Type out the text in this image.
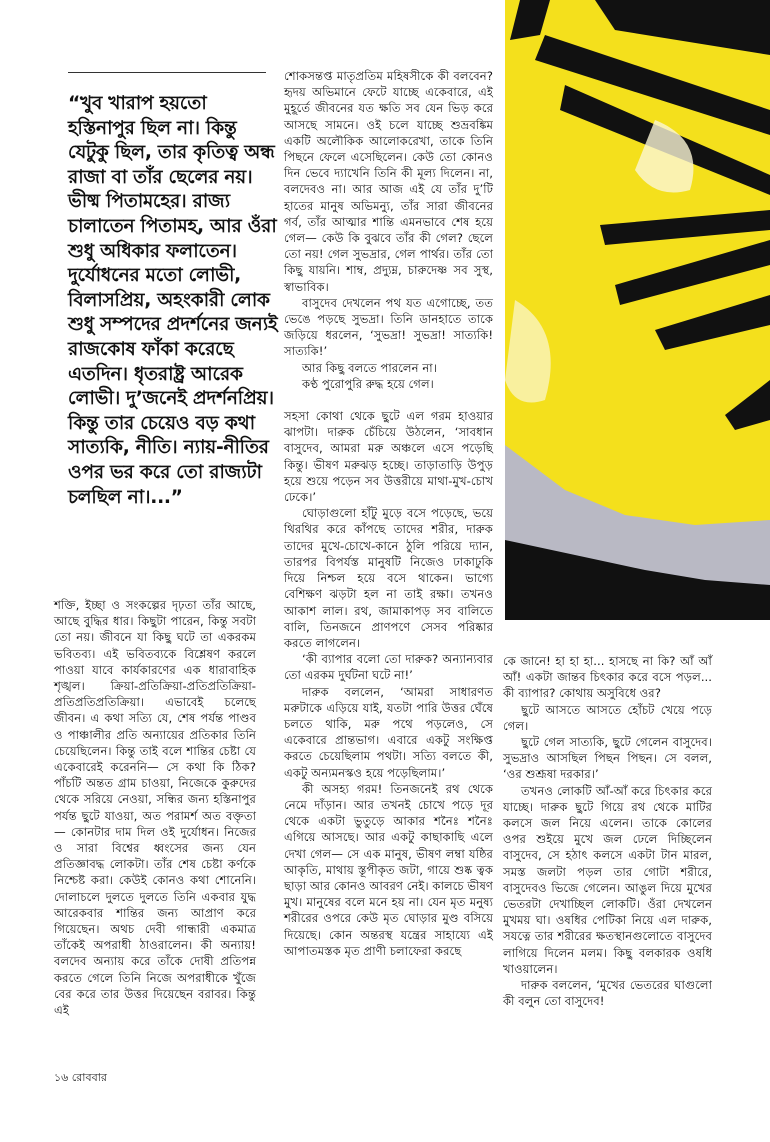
“খুব খারাপ হয়তো হস্তিনাপুর ছিল না। কিন্তু যেটুকু ছিল, তার কৃতিত্ব অন্ধ রাজা বা তাঁর ছেলের নয়। ভীষ্ম পিতামহের। রাজ্য চালাতেন পিতামহ, আর ওঁরা শুধু অধিকার ফলাতেন। দুর্যোধনের মতো লোভী, বিলাসপ্রিয়, অহংকারী লোক শুধু সম্পদের প্রদর্শনের জন্যই রাজকোষ ফাঁকা করেছে এতদিন। ধৃতরাষ্ট্র আরেক লোভী। দু’জনেই প্রদর্শনপ্রিয়। কিন্তু তার চেয়েও বড় কথা সাত্যকি, নীতি। ন্যায়-নীতির ওপর ভর করে তো রাজ্যটা চলছিল না।...”

শক্তি, ইচ্ছা ও সংকল্পের দৃঢ়তা তাঁর আছে, আছে বুদ্ধির ধার। কিছুটা পারেন, কিন্তু সবটা তো নয়। জীবনে যা কিছু ঘটে তা একরকম ভবিতব্য। এই ভবিতব্যকে বিশ্লেষণ করলে পাওয়া যাবে কার্যকারণের এক ধারাবাহিক শৃঙ্খল। ক্রিয়া-প্রতিক্রিয়া-প্রতিপ্রতিক্রিয়া-প্রতিপ্রতিপ্রতিক্রিয়া। এভাবেই চলেছে জীবন। এ কথা সত্যি যে, শেষ পর্যন্ত পাণ্ডব ও পাঞ্চালীর প্রতি অন্যায়ের প্রতিকার তিনি চেয়েছিলেন। কিন্তু তাই বলে শান্তির চেষ্টা যে একেবারেই করেননি— সে কথা কি ঠিক? পাঁচটি অন্তত গ্রাম চাওয়া, নিজেকে কুরুদের থেকে সরিয়ে নেওয়া, সন্ধির জন্য হস্তিনাপুর পর্যন্ত ছুটে যাওয়া, অত পরামর্শ অত বক্তৃতা— কোনটার দাম দিল ওই দুর্যোধন। নিজের ও সারা বিশ্বের ধ্বংসের জন্য যেন প্রতিজ্ঞাবদ্ধ লোকটা। তাঁর শেষ চেষ্টা কর্ণকে নিশ্চেষ্ট করা। কেউই কোনও কথা শোনেনি। দোলাচলে দুলতে দুলতে তিনি একবার যুদ্ধ আরেকবার শান্তির জন্য আপ্রাণ করে গিয়েছেন। অথচ দেবী গান্ধারী একমাত্র তাঁকেই অপরাধী ঠাওরালেন। কী অন্যায়! বলদেব অন্যায় করে তাঁকে দোষী প্রতিপন্ন করতে গেলে তিনি নিজে অপরাধীকে খুঁজে বের করে তার উত্তর দিয়েছেন বরাবর। কিন্তু এই

শোকসন্তপ্ত মাতৃপ্রতিম মহিষসীকে কী বলবেন? হৃদয় অভিমানে ফেটে যাচ্ছে একেবারে, এই মুহূর্তে জীবনের যত ক্ষতি সব যেন ভিড় করে আসছে সামনে। ওই চলে যাচ্ছে শুভ্রবঙ্কিম একটি অলৌকিক আলোকরেখা, তাকে তিনি পিছনে ফেলে এসেছিলেন। কেউ তো কোনও দিন ভেবে দ্যাখেনি তিনি কী মূল্য দিলেন। না, বলদেবও না। আর আজ এই যে তাঁর দু’টি হাতের মানুষ অভিমন্যু, তাঁর সারা জীবনের গর্ব, তাঁর আত্মার শান্তি এমনভাবে শেষ হয়ে গেল— কেউ কি বুঝবে তাঁর কী গেল? ছেলে তো নয়! গেল সুভদ্রার, গেল পার্থর। তাঁর তো কিছু যায়নি। শাম্ব, প্রদ্যুম্ন, চারুদেষ্ণ সব সুস্থ, স্বাভাবিক।

বাসুদেব দেখলেন পথ যত এগোচ্ছে, তত ভেঙে পড়ছে সুভদ্রা। তিনি ডানহাতে তাকে জড়িয়ে ধরলেন, ‘সুভদ্রা! সুভদ্রা! সাত্যকি! সাত্যকি!’

আর কিছু বলতে পারলেন না।

কণ্ঠ পুরোপুরি রুদ্ধ হয়ে গেল।

সহসা কোথা থেকে ছুটে এল গরম হাওয়ার ঝাপটা। দারুক চেঁচিয়ে উঠলেন, ‘সাবধান বাসুদেব, আমরা মরু অঞ্চলে এসে পড়েছি কিন্তু। ভীষণ মরুঝড় হচ্ছে। তাড়াতাড়ি উপুড় হয়ে শুয়ে পড়েন সব উত্তরীয়ে মাথা-মুখ-চোখ ঢেকে।’

ঘোড়াগুলো হাঁটু মুড়ে বসে পড়েছে, ভয়ে থিরথির করে কাঁপছে তাদের শরীর, দারুক তাদের মুখে-চোখে-কানে ঠুলি পরিয়ে দ্যান, তারপর বিপর্যস্ত মানুষটি নিজেও ঢাকাঢুকি দিয়ে নিশ্চল হয়ে বসে থাকেন। ভাগ্যে বেশিক্ষণ ঝড়টা হল না তাই রক্ষা। তখনও আকাশ লাল। রথ, জামাকাপড় সব বালিতে বালি, তিনজনে প্রাণপণে সেসব পরিষ্কার করতে লাগলেন।

‘কী ব্যাপার বলো তো দারুক? অন্যান্যবার তো এরকম দুর্ঘটনা ঘটে না!’

দারুক বললেন, ‘আমরা সাধারণত মরুটাকে এড়িয়ে যাই, যতটা পারি উত্তর ঘেঁষে চলতে থাকি, মরু পথে পড়লেও, সে একেবারে প্রান্তভাগ। এবারে একটু সংক্ষিপ্ত করতে চেয়েছিলাম পথটা। সত্যি বলতে কী, একটু অন্যমনস্কও হয়ে পড়েছিলাম।’

কী অসহ্য গরম! তিনজনেই রথ থেকে নেমে দাঁড়ান। আর তখনই চোখে পড়ে দূর থেকে একটা ভুতুড়ে আকার শনৈঃ শনৈঃ এগিয়ে আসছে। আর একটু কাছাকাছি এলে দেখা গেল— সে এক মানুষ, ভীষণ লম্বা যষ্ঠির আকৃতি, মাথায় স্তূপীকৃত জটা, গায়ে শুষ্ক ত্বক ছাড়া আর কোনও আবরণ নেই। কালচে ভীষণ মুখ। মানুষের বলে মনে হয় না। যেন মৃত মনুষ্য শরীরের ওপরে কেউ মৃত ঘোড়ার মুণ্ড বসিয়ে দিয়েছে। কোন অন্তরস্থ যন্ত্রের সাহায্যে এই আপাতমস্তক মৃত প্রাণী চলাফেরা করছে

কে জানে! হা হা হা... হাসছে না কি? আঁ আঁ আঁ! একটা জান্তব চিৎকার করে বসে পড়ল... কী ব্যাপার? কোথায় অসুবিধে ওর?

ছুটে আসতে আসতে হোঁচট খেয়ে পড়ে গেল।

ছুটে গেল সাত্যকি, ছুটে গেলেন বাসুদেব। সুভদ্রাও আসছিল পিছন পিছন। সে বলল, ‘ওর শুশ্রূষা দরকার।’

তখনও লোকটি আঁ-আঁ করে চিৎকার করে যাচ্ছে। দারুক ছুটে গিয়ে রথ থেকে মাটির কলসে জল নিয়ে এলেন। তাকে কোলের ওপর শুইয়ে মুখে জল ঢেলে দিচ্ছিলেন বাসুদেব, সে হঠাৎ কলসে একটা টান মারল, সমস্ত জলটা পড়ল তার গোটা শরীরে, বাসুদেবও ভিজে গেলেন। আঙুল দিয়ে মুখের ভেতরটা দেখাচ্ছিল লোকটি। ওঁরা দেখলেন মুখময় ঘা। ওষধির পেটিকা নিয়ে এল দারুক, সযত্নে তার শরীরের ক্ষতস্থানগুলোতে বাসুদেব লাগিয়ে দিলেন মলম। কিছু বলকারক ওষধি খাওয়ালেন।

দারুক বললেন, ‘মুখের ভেতরের ঘাগুলো কী বলুন তো বাসুদেব!

১৬ রোববার
